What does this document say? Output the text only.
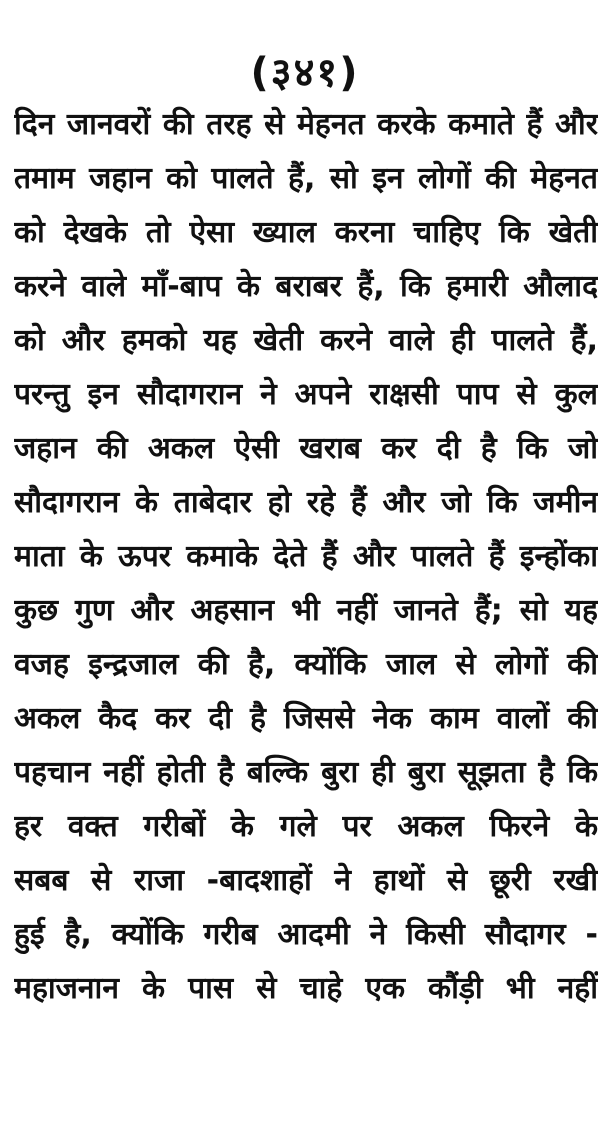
(३४१)
दिन जानवरों की तरह से मेहनत करके कमाते हैं और
तमाम जहान को पालते हैं, सो इन लोगों की मेहनत
को देखके तो ऐसा ख्याल करना चाहिए कि खेती
करने वाले माँ-बाप के बराबर हैं, कि हमारी औलाद
को और हमको यह खेती करने वाले ही पालते हैं,
परन्तु इन सौदागरान ने अपने राक्षसी पाप से कुल
जहान की अकल ऐसी खराब कर दी है कि जो
सौदागरान के ताबेदार हो रहे हैं और जो कि जमीन
माता के ऊपर कमाके देते हैं और पालते हैं इन्होंका
कुछ गुण और अहसान भी नहीं जानते हैं; सो यह
वजह इन्द्रजाल की है, क्योंकि जाल से लोगों की
अकल कैद कर दी है जिससे नेक काम वालों की
पहचान नहीं होती है बल्कि बुरा ही बुरा सूझता है कि
हर वक्त गरीबों के गले पर अकल फिरने के
सबब से राजा -बादशाहों ने हाथों से छूरी रखी
हुई है, क्योंकि गरीब आदमी ने किसी सौदागर -
महाजनान के पास से चाहे एक कौंड़ी भी नहीं
